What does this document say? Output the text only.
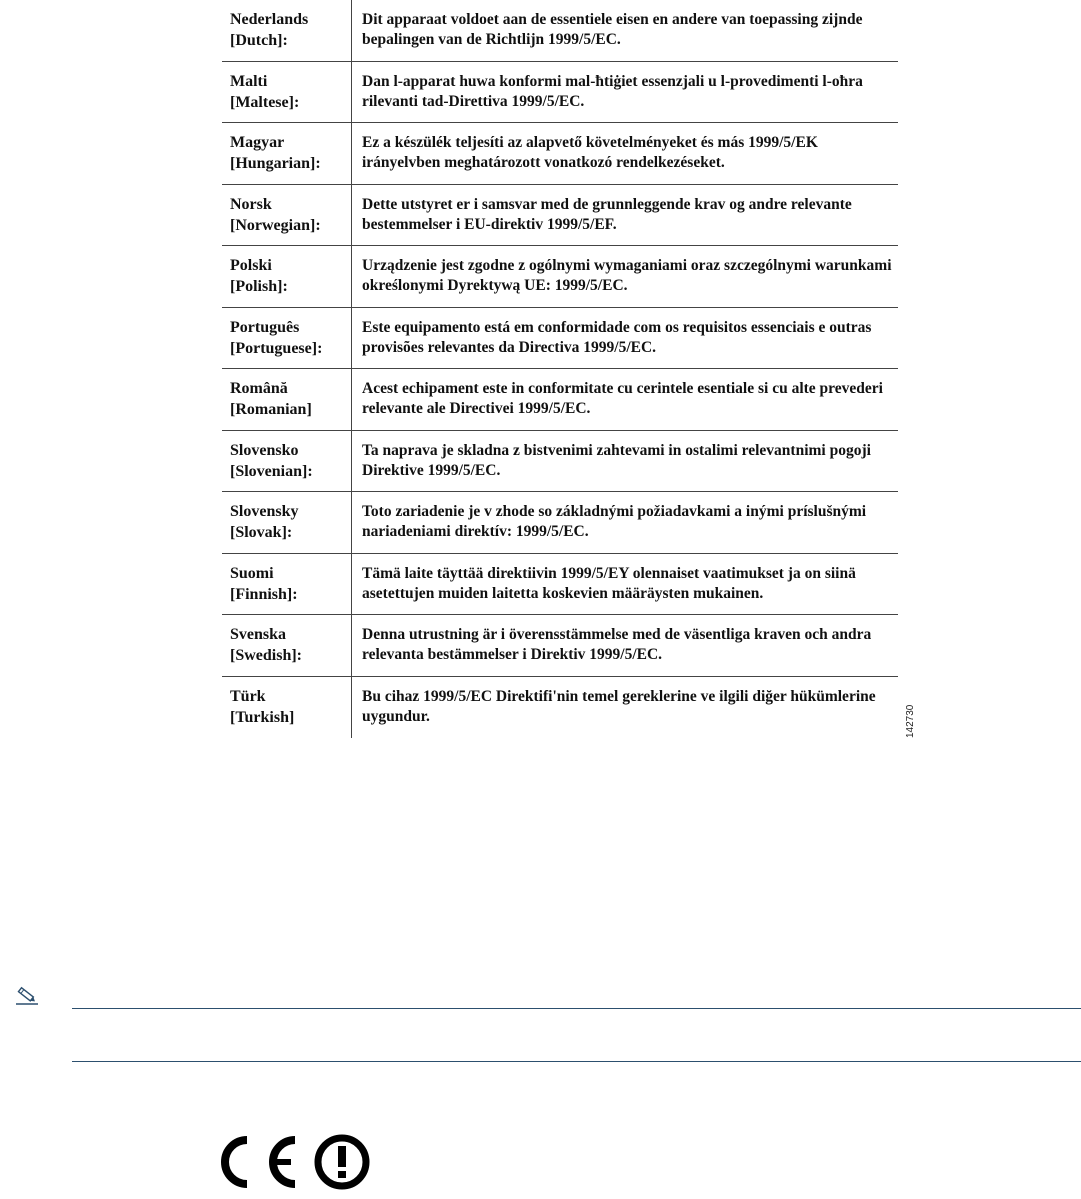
Nederlands
[Dutch]:
Dit apparaat voldoet aan de essentiele eisen en andere van toepassing zijnde bepalingen van de Richtlijn 1999/5/EC.
Malti
[Maltese]:
Dan l-apparat huwa konformi mal-ħtiġiet essenzjali u l-provedimenti l-oħra rilevanti tad-Direttiva 1999/5/EC.
Magyar
[Hungarian]:
Ez a készülék teljesíti az alapvető követelményeket és más 1999/5/EK irányelvben meghatározott vonatkozó rendelkezéseket.
Norsk
[Norwegian]:
Dette utstyret er i samsvar med de grunnleggende krav og andre relevante bestemmelser i EU-direktiv 1999/5/EF.
Polski
[Polish]:
Urządzenie jest zgodne z ogólnymi wymaganiami oraz szczególnymi warunkami określonymi Dyrektywą UE: 1999/5/EC.
Português
[Portuguese]:
Este equipamento está em conformidade com os requisitos essenciais e outras provisões relevantes da Directiva 1999/5/EC.
Română
[Romanian]
Acest echipament este in conformitate cu cerintele esentiale si cu alte prevederi relevante ale Directivei 1999/5/EC.
Slovensko
[Slovenian]:
Ta naprava je skladna z bistvenimi zahtevami in ostalimi relevantnimi pogoji Direktive 1999/5/EC.
Slovensky
[Slovak]:
Toto zariadenie je v zhode so základnými požiadavkami a inými príslušnými nariadeniami direktív: 1999/5/EC.
Suomi
[Finnish]:
Tämä laite täyttää direktiivin 1999/5/EY olennaiset vaatimukset ja on siinä asetettujen muiden laitetta koskevien määräysten mukainen.
Svenska
[Swedish]:
Denna utrustning är i överensstämmelse med de väsentliga kraven och andra relevanta bestämmelser i Direktiv 1999/5/EC.
Türk
[Turkish]
Bu cihaz 1999/5/EC Direktifi'nin temel gereklerine ve ilgili diğer hükümlerine uygundur.	142730
